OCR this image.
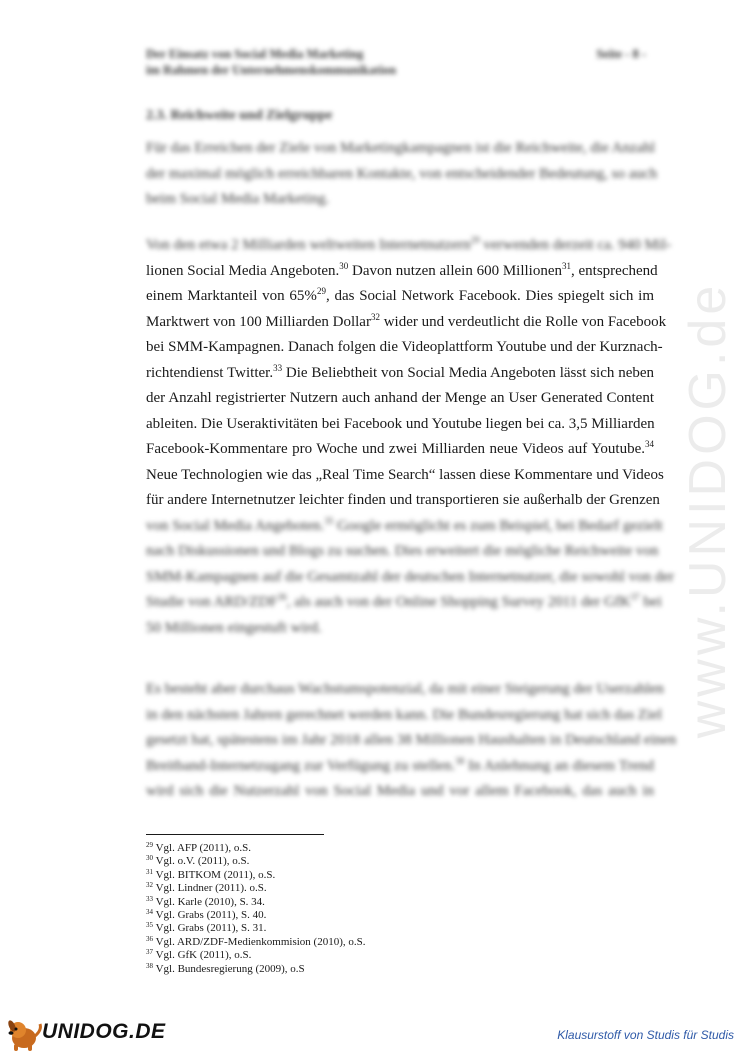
www.UNIDOG.de
Der Einsatz von Social Media Marketing
im Rahmen der Unternehmenskommunikation
Seite - 8 -
2.3. Reichweite und Zielgruppe

Für das Erreichen der Ziele von Marketingkampagnen ist die Reichweite, die Anzahl
der maximal möglich erreichbaren Kontakte, von entscheidender Bedeutung, so auch
beim Social Media Marketing.

Von den etwa 2 Milliarden weltweiten Internetnutzern$^{29}$ verwenden derzeit ca. 940 Mil-
lionen Social Media Angeboten.$^{30}$ Davon nutzen allein 600 Millionen$^{31}$, entsprechend
einem Marktanteil von 65%$^{29}$, das Social Network Facebook. Dies spiegelt sich im
Marktwert von 100 Milliarden Dollar$^{32}$ wider und verdeutlicht die Rolle von Facebook
bei SMM-Kampagnen. Danach folgen die Videoplattform Youtube und der Kurznach-
richtendienst Twitter.$^{33}$ Die Beliebtheit von Social Media Angeboten lässt sich neben
der Anzahl registrierter Nutzern auch anhand der Menge an User Generated Content
ableiten. Die Useraktivitäten bei Facebook und Youtube liegen bei ca. 3,5 Milliarden
Facebook-Kommentare pro Woche und zwei Milliarden neue Videos auf Youtube.$^{34}$
Neue Technologien wie das „Real Time Search“ lassen diese Kommentare und Videos
für andere Internetnutzer leichter finden und transportieren sie außerhalb der Grenzen
von Social Media Angeboten.$^{35}$ Google ermöglicht es zum Beispiel, bei Bedarf gezielt
nach Diskussionen und Blogs zu suchen. Dies erweitert die mögliche Reichweite von
SMM-Kampagnen auf die Gesamtzahl der deutschen Internetnutzer, die sowohl von der
Studie von ARD/ZDF$^{36}$, als auch von der Online Shopping Survey 2011 der GfK$^{37}$ bei
50 Millionen eingestuft wird.

Es besteht aber durchaus Wachstumspotenzial, da mit einer Steigerung der Userzahlen
in den nächsten Jahren gerechnet werden kann. Die Bundesregierung hat sich das Ziel
gesetzt hat, spätestens im Jahr 2018 allen 38 Millionen Haushalten in Deutschland einen
Breitband-Internetzugang zur Verfügung zu stellen.$^{38}$ In Anlehnung an diesem Trend
wird sich die Nutzerzahl von Social Media und vor allem Facebook, das auch in

$^{29}$ Vgl. AFP (2011), o.S.
$^{30}$ Vgl. o.V. (2011), o.S.
$^{31}$ Vgl. BITKOM (2011), o.S.
$^{32}$ Vgl. Lindner (2011). o.S.
$^{33}$ Vgl. Karle (2010), S. 34.
$^{34}$ Vgl. Grabs (2011), S. 40.
$^{35}$ Vgl. Grabs (2011), S. 31.
$^{36}$ Vgl. ARD/ZDF-Medienkommision (2010), o.S.
$^{37}$ Vgl. GfK (2011), o.S.
$^{38}$ Vgl. Bundesregierung (2009), o.S
UNIDOG.DE	Klausurstoff von Studis für Studis
